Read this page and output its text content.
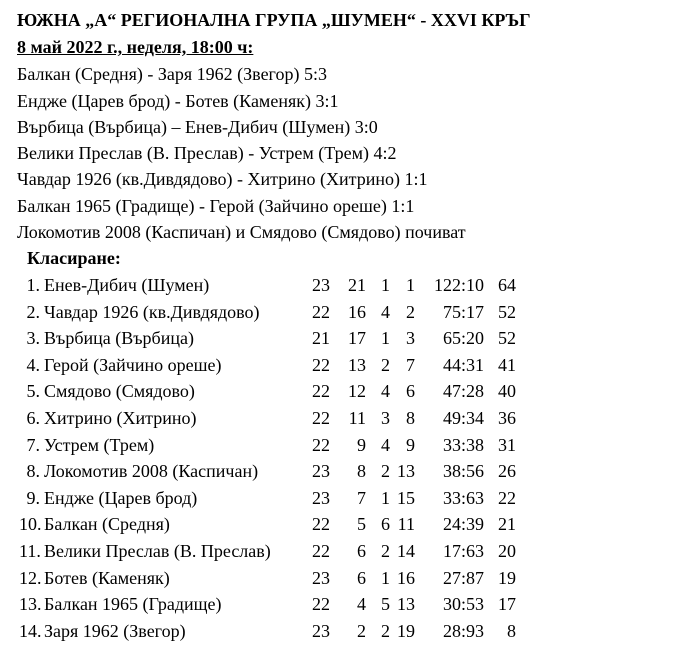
ЮЖНА „А“ РЕГИОНАЛНА ГРУПА „ШУМЕН“ - XXVI КРЪГ
8 май 2022 г., неделя, 18:00 ч:
Балкан (Средня) - Заря 1962 (Звегор) 5:3
Ендже (Царев брод) - Ботев (Каменяк) 3:1
Върбица (Върбица) – Енев-Дибич (Шумен) 3:0
Велики Преслав (В. Преслав) - Устрем (Трем) 4:2
Чавдар 1926 (кв.Дивдядово) - Хитрино (Хитрино) 1:1
Балкан 1965 (Градище) - Герой (Зайчино ореше) 1:1
Локомотив 2008 (Каспичан) и Смядово (Смядово) почиват
Класиране:
1. Енев-Дибич (Шумен)	23	21 1 1	122:10 64
2. Чавдар 1926 (кв.Дивдядово)	22	16 4 2	75:17 52
3. Върбица (Върбица)	21	17 1 3	65:20 52
4. Герой (Зайчино ореше)	22	13 2 7	44:31 41
5. Смядово (Смядово)	22	12 4 6	47:28 40
6. Хитрино (Хитрино)	22	11 3 8	49:34 36
7. Устрем (Трем)	22	9 4 9	33:38 31
8. Локомотив 2008 (Каспичан)	23	8 2 13	38:56 26
9. Ендже (Царев брод)	23	7 1 15	33:63 22
10. Балкан (Средня)	22	5 6 11	24:39 21
11. Велики Преслав (В. Преслав)	22	6 2 14	17:63 20
12. Ботев (Каменяк)	23	6 1 16	27:87 19
13. Балкан 1965 (Градище)	22	4 5 13	30:53 17
14. Заря 1962 (Звегор)	23	2 2 19	28:93	8
